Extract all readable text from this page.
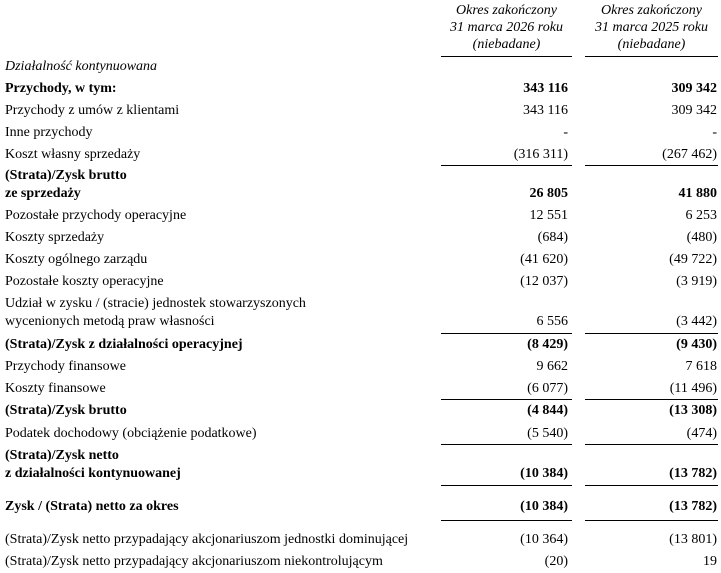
Okres zakończony
31 marca 2026 roku
(niebadane)
Okres zakończony
31 marca 2025 roku
(niebadane)
Działalność kontynuowana
Przychody, w tym:	343 116	309 342
Przychody z umów z klientami	343 116	309 342
Inne przychody	-	-
Koszt własny sprzedaży	(316 311)	(267 462)
(Strata)/Zysk brutto
ze sprzedaży	26 805	41 880
Pozostałe przychody operacyjne	12 551	6 253
Koszty sprzedaży	(684)	(480)
Koszty ogólnego zarządu	(41 620)	(49 722)
Pozostałe koszty operacyjne	(12 037)	(3 919)
Udział w zysku / (stracie) jednostek stowarzyszonych
wycenionych metodą praw własności	6 556	(3 442)
(Strata)/Zysk z działalności operacyjnej	(8 429)	(9 430)
Przychody finansowe	9 662	7 618
Koszty finansowe	(6 077)	(11 496)
(Strata)/Zysk brutto	(4 844)	(13 308)
Podatek dochodowy (obciążenie podatkowe)	(5 540)	(474)
(Strata)/Zysk netto
z działalności kontynuowanej	(10 384)	(13 782)
Zysk / (Strata) netto za okres	(10 384)	(13 782)
(Strata)/Zysk netto przypadający akcjonariuszom jednostki dominującej	(10 364)	(13 801)
(Strata)/Zysk netto przypadający akcjonariuszom niekontrolującym	(20)	19
